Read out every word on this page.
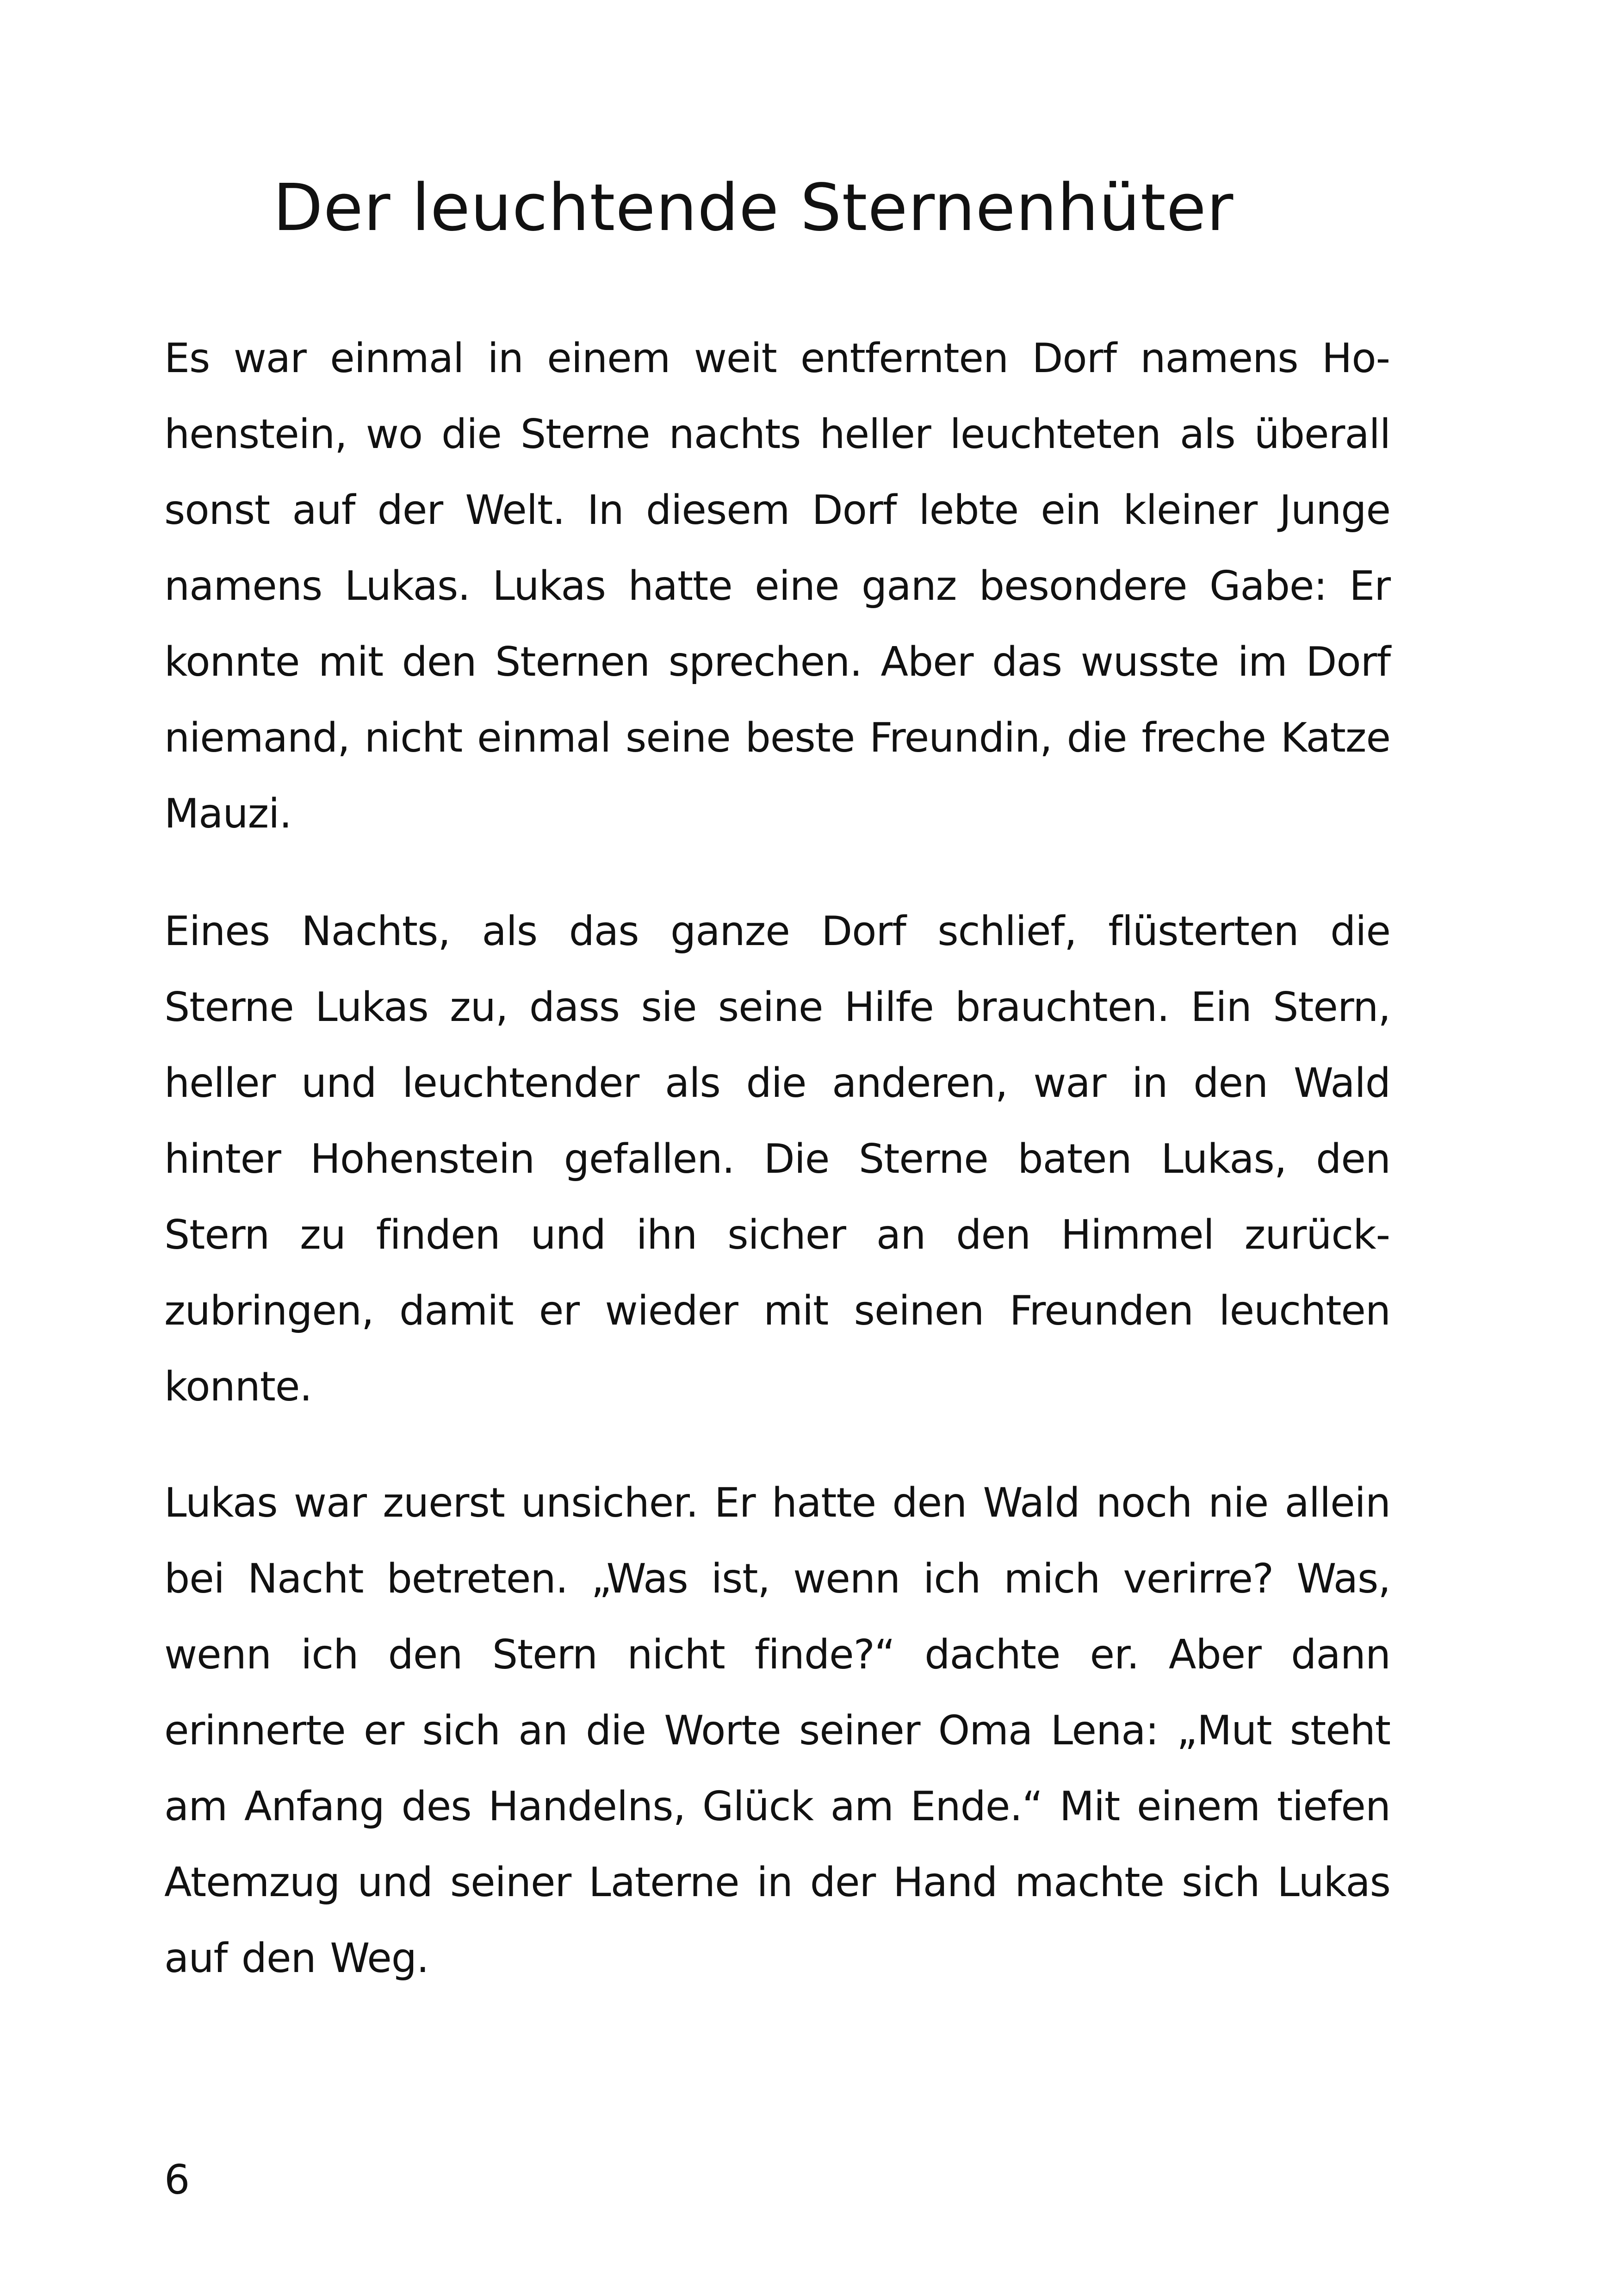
Der leuchtende Sternenhüter

Es war einmal in einem weit entfernten Dorf namens Hohenstein, wo die Sterne nachts heller leuchteten als überall sonst auf der Welt. In diesem Dorf lebte ein kleiner Junge namens Lukas. Lukas hatte eine ganz besondere Gabe: Er konnte mit den Sternen sprechen. Aber das wusste im Dorf niemand, nicht einmal seine beste Freundin, die freche Katze Mauzi.

Eines Nachts, als das ganze Dorf schlief, flüsterten die Sterne Lukas zu, dass sie seine Hilfe brauchten. Ein Stern, heller und leuchtender als die anderen, war in den Wald hinter Hohenstein gefallen. Die Sterne baten Lukas, den Stern zu finden und ihn sicher an den Himmel zurückzubringen, damit er wieder mit seinen Freunden leuchten konnte.

Lukas war zuerst unsicher. Er hatte den Wald noch nie allein bei Nacht betreten. „Was ist, wenn ich mich verirre? Was, wenn ich den Stern nicht finde?“ dachte er. Aber dann erinnerte er sich an die Worte seiner Oma Lena: „Mut steht am Anfang des Handelns, Glück am Ende.“ Mit einem tiefen Atemzug und seiner Laterne in der Hand machte sich Lukas auf den Weg.

6
